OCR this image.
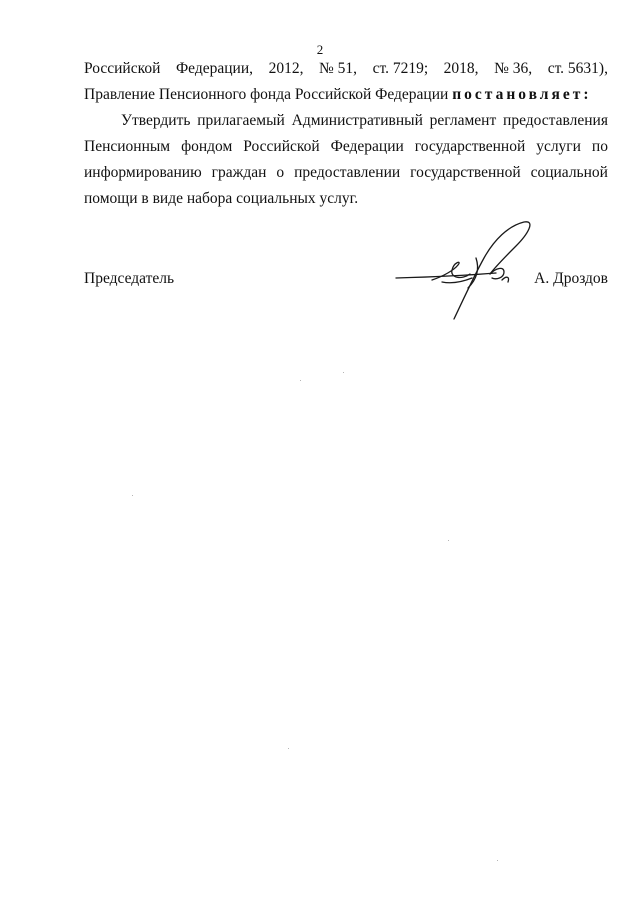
2
Российской Федерации, 2012, № 51, ст. 7219; 2018, № 36, ст. 5631),
Правление Пенсионного фонда Российской Федерации постановляет:
Утвердить прилагаемый Административный регламент предоставления
Пенсионным фондом Российской Федерации государственной услуги по
информированию граждан о предоставлении государственной социальной
помощи в виде набора социальных услуг.
Председатель	А. Дроздов
